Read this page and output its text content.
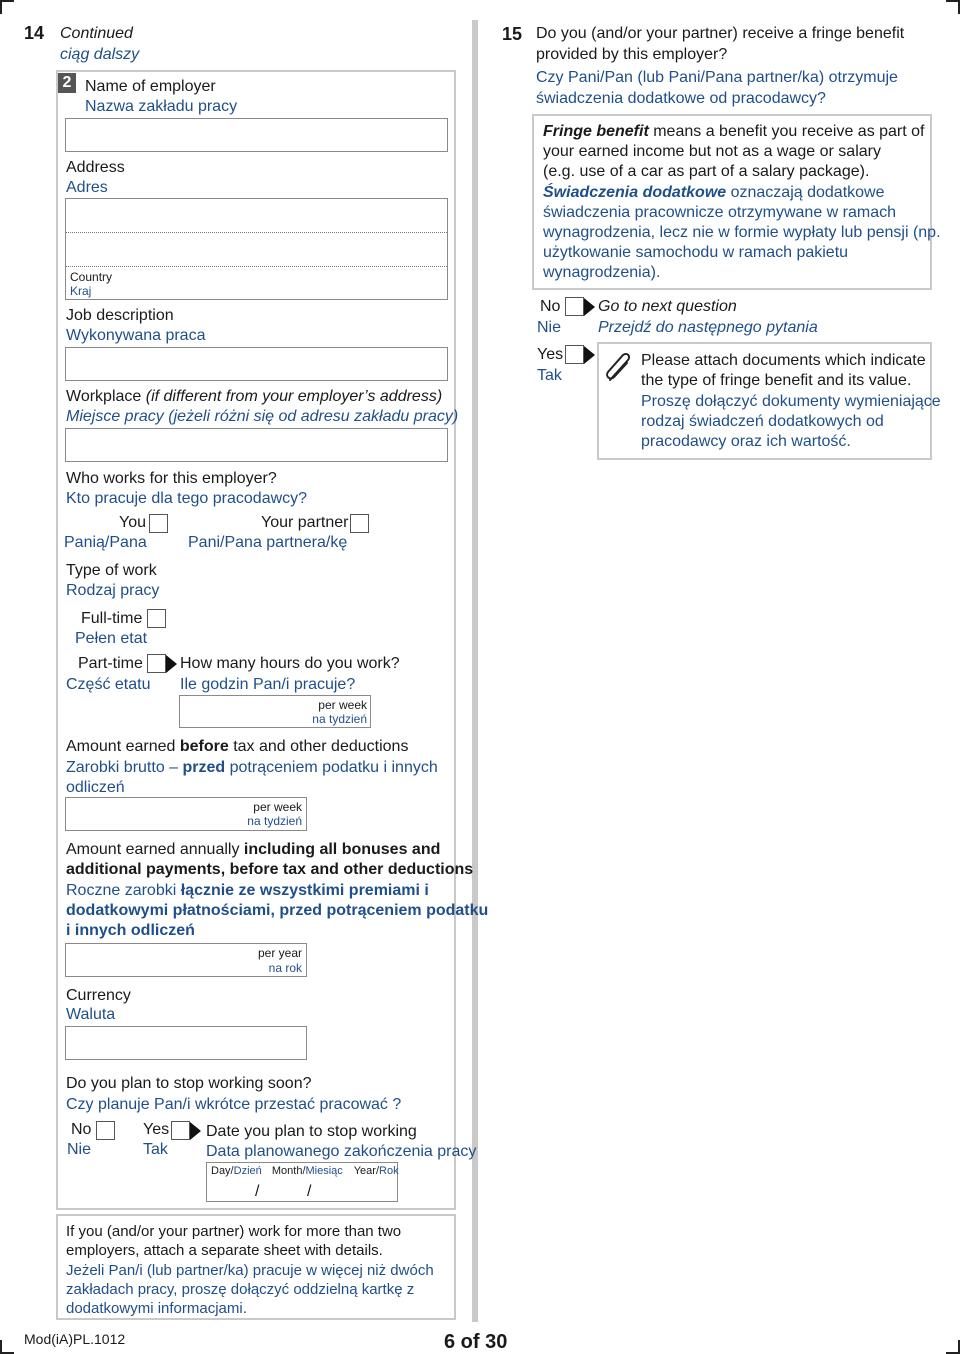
14 Continued
ciąg dalszy
2 Name of employer
Nazwa zakładu pracy
Address
Adres
Country
Kraj
Job description
Wykonywana praca
Workplace (if different from your employer’s address)
Miejsce pracy (jeżeli różni się od adresu zakładu pracy)
Who works for this employer?
Kto pracuje dla tego pracodawcy?
You
Panią/Pana
Your partner
Pani/Pana partnera/kę
Type of work
Rodzaj pracy
Full-time
Pełen etat
Part-time
Część etatu
How many hours do you work?
Ile godzin Pan/i pracuje?
per week
na tydzień
Amount earned before tax and other deductions
Zarobki brutto – przed potrąceniem podatku i innych
odliczeń
per week
na tydzień
Amount earned annually including all bonuses and
additional payments, before tax and other deductions
Roczne zarobki łącznie ze wszystkimi premiami i
dodatkowymi płatnościami, przed potrąceniem podatku
i innych odliczeń
per year
na rok
Currency
Waluta
Do you plan to stop working soon?
Czy planuje Pan/i wkrótce przestać pracować ?
No
Nie
Yes
Tak
Date you plan to stop working
Data planowanego zakończenia pracy
Day/Dzień Month/Miesiąc Year/Rok
/	/
If you (and/or your partner) work for more than two
employers, attach a separate sheet with details.
Jeżeli Pan/i (lub partner/ka) pracuje w więcej niż dwóch
zakładach pracy, proszę dołączyć oddzielną kartkę z
dodatkowymi informacjami.
15 Do you (and/or your partner) receive a fringe benefit
provided by this employer?
Czy Pani/Pan (lub Pani/Pana partner/ka) otrzymuje
świadczenia dodatkowe od pracodawcy?
Fringe benefit means a benefit you receive as part of
your earned income but not as a wage or salary
(e.g. use of a car as part of a salary package).
Świadczenia dodatkowe oznaczają dodatkowe
świadczenia pracownicze otrzymywane w ramach
wynagrodzenia, lecz nie w formie wypłaty lub pensji (np.
użytkowanie samochodu w ramach pakietu
wynagrodzenia).
No
Nie
Go to next question
Przejdź do następnego pytania
Yes
Tak
Please attach documents which indicate
the type of fringe benefit and its value.
Proszę dołączyć dokumenty wymieniające
rodzaj świadczeń dodatkowych od
pracodawcy oraz ich wartość.
Mod(iA)PL.1012	6 of 30
